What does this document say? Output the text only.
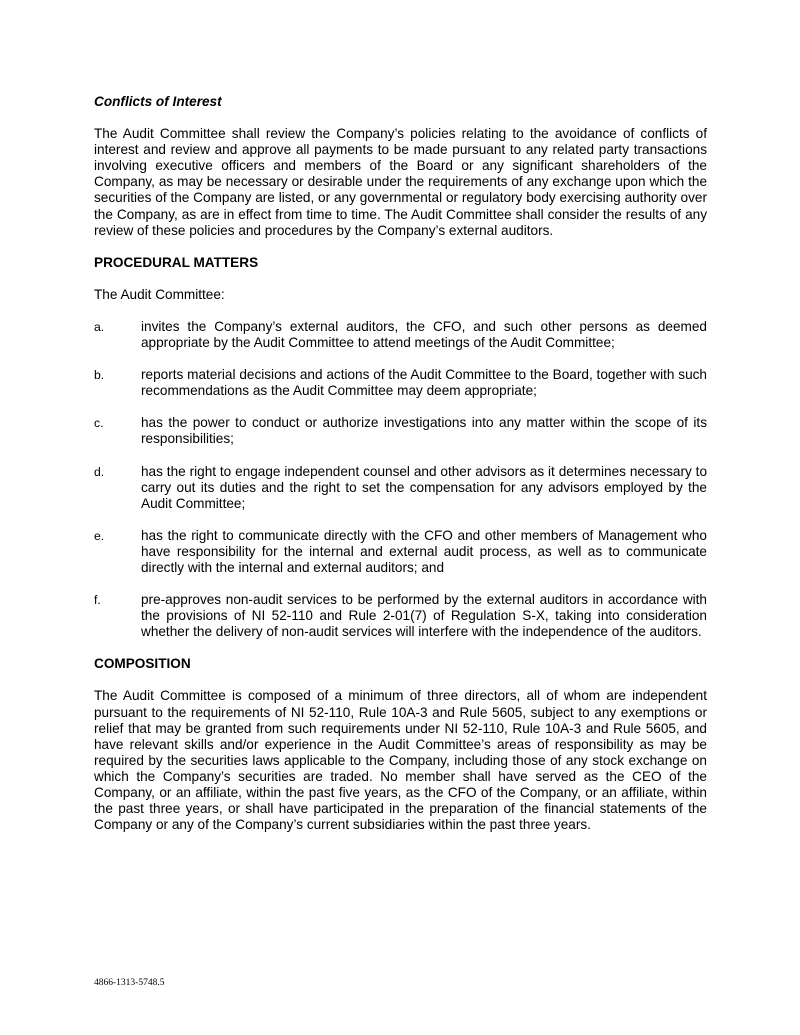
Conflicts of Interest

The Audit Committee shall review the Company’s policies relating to the avoidance of conflicts of interest and review and approve all payments to be made pursuant to any related party transactions involving executive officers and members of the Board or any significant shareholders of the Company, as may be necessary or desirable under the requirements of any exchange upon which the securities of the Company are listed, or any governmental or regulatory body exercising authority over the Company, as are in effect from time to time. The Audit Committee shall consider the results of any review of these policies and procedures by the Company’s external auditors.

PROCEDURAL MATTERS

The Audit Committee:

a.	invites the Company’s external auditors, the CFO, and such other persons as deemed appropriate by the Audit Committee to attend meetings of the Audit Committee;
b.	reports material decisions and actions of the Audit Committee to the Board, together with such recommendations as the Audit Committee may deem appropriate;
c.	has the power to conduct or authorize investigations into any matter within the scope of its responsibilities;
d.	has the right to engage independent counsel and other advisors as it determines necessary to carry out its duties and the right to set the compensation for any advisors employed by the Audit Committee;
e.	has the right to communicate directly with the CFO and other members of Management who have responsibility for the internal and external audit process, as well as to communicate directly with the internal and external auditors; and
f.	pre-approves non-audit services to be performed by the external auditors in accordance with the provisions of NI 52-110 and Rule 2-01(7) of Regulation S-X, taking into consideration whether the delivery of non-audit services will interfere with the independence of the auditors.
COMPOSITION

The Audit Committee is composed of a minimum of three directors, all of whom are independent pursuant to the requirements of NI 52-110, Rule 10A-3 and Rule 5605, subject to any exemptions or relief that may be granted from such requirements under NI 52-110, Rule 10A-3 and Rule 5605, and have relevant skills and/or experience in the Audit Committee’s areas of responsibility as may be required by the securities laws applicable to the Company, including those of any stock exchange on which the Company’s securities are traded. No member shall have served as the CEO of the Company, or an affiliate, within the past five years, as the CFO of the Company, or an affiliate, within the past three years, or shall have participated in the preparation of the financial statements of the Company or any of the Company’s current subsidiaries within the past three years.

4866-1313-5748.5
